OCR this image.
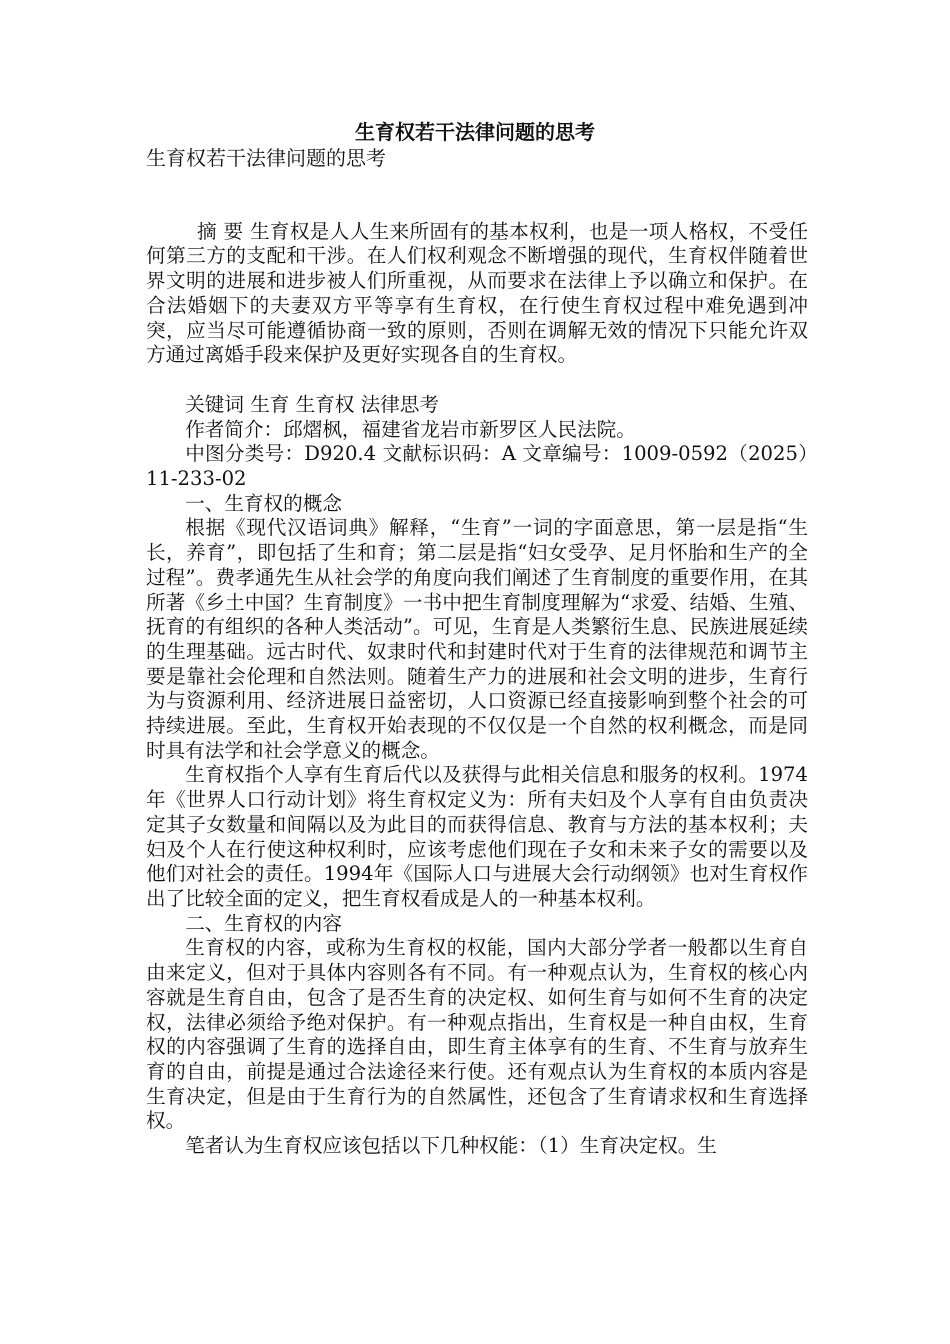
生育权若干法律问题的思考

生育权若干法律问题的思考

摘 要 生育权是人人生来所固有的基本权利，也是一项人格权，不受任何第三方的支配和干涉。在人们权利观念不断增强的现代，生育权伴随着世界文明的进展和进步被人们所重视，从而要求在法律上予以确立和保护。在合法婚姻下的夫妻双方平等享有生育权，在行使生育权过程中难免遇到冲突，应当尽可能遵循协商一致的原则，否则在调解无效的情况下只能允许双方通过离婚手段来保护及更好实现各自的生育权。

关键词 生育 生育权 法律思考

作者简介：邱熠枫，福建省龙岩市新罗区人民法院。

中图分类号：D920.4 文献标识码：A 文章编号：1009-0592（2025）11-233-02

一、生育权的概念

根据《现代汉语词典》解释，“生育”一词的字面意思，第一层是指“生长，养育”，即包括了生和育；第二层是指“妇女受孕、足月怀胎和生产的全过程”。费孝通先生从社会学的角度向我们阐述了生育制度的重要作用，在其所著《乡土中国？生育制度》一书中把生育制度理解为“求爱、结婚、生殖、抚育的有组织的各种人类活动”。可见，生育是人类繁衍生息、民族进展延续的生理基础。远古时代、奴隶时代和封建时代对于生育的法律规范和调节主要是靠社会伦理和自然法则。随着生产力的进展和社会文明的进步，生育行为与资源利用、经济进展日益密切，人口资源已经直接影响到整个社会的可持续进展。至此，生育权开始表现的不仅仅是一个自然的权利概念，而是同时具有法学和社会学意义的概念。

生育权指个人享有生育后代以及获得与此相关信息和服务的权利。1974年《世界人口行动计划》将生育权定义为：所有夫妇及个人享有自由负责决定其子女数量和间隔以及为此目的而获得信息、教育与方法的基本权利；夫妇及个人在行使这种权利时，应该考虑他们现在子女和未来子女的需要以及他们对社会的责任。1994年《国际人口与进展大会行动纲领》也对生育权作出了比较全面的定义，把生育权看成是人的一种基本权利。

二、生育权的内容

生育权的内容，或称为生育权的权能，国内大部分学者一般都以生育自由来定义，但对于具体内容则各有不同。有一种观点认为，生育权的核心内容就是生育自由，包含了是否生育的决定权、如何生育与如何不生育的决定权，法律必须给予绝对保护。有一种观点指出，生育权是一种自由权，生育权的内容强调了生育的选择自由，即生育主体享有的生育、不生育与放弃生育的自由，前提是通过合法途径来行使。还有观点认为生育权的本质内容是生育决定，但是由于生育行为的自然属性，还包含了生育请求权和生育选择权。

笔者认为生育权应该包括以下几种权能：（1）生育决定权。生
